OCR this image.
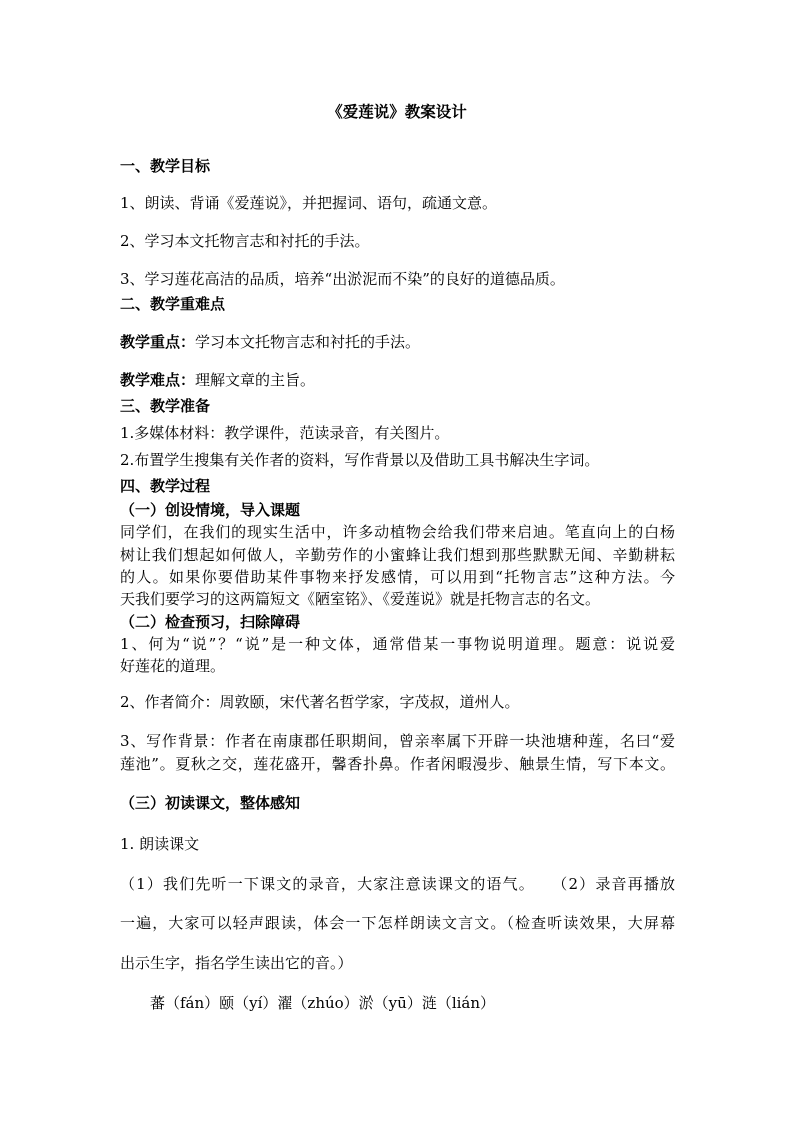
《爱莲说》教案设计
一、教学目标
1、朗读、背诵《爱莲说》，并把握词、语句，疏通文意。
2、学习本文托物言志和衬托的手法。
3、学习莲花高洁的品质，培养“出淤泥而不染”的良好的道德品质。
二、教学重难点
教学重点：学习本文托物言志和衬托的手法。
教学难点：理解文章的主旨。
三、教学准备
1.多媒体材料：教学课件，范读录音，有关图片。
2.布置学生搜集有关作者的资料，写作背景以及借助工具书解决生字词。
四、教学过程
（一）创设情境，导入课题
同学们，在我们的现实生活中，许多动植物会给我们带来启迪。笔直向上的白杨
树让我们想起如何做人，辛勤劳作的小蜜蜂让我们想到那些默默无闻、辛勤耕耘
的人。如果你要借助某件事物来抒发感情，可以用到“托物言志”这种方法。今
天我们要学习的这两篇短文《陋室铭》、《爱莲说》就是托物言志的名文。
（二）检查预习，扫除障碍
1、何为“说”？“说”是一种文体，通常借某一事物说明道理。题意：说说爱
好莲花的道理。
2、作者简介：周敦颐，宋代著名哲学家，字茂叔，道州人。
3、写作背景：作者在南康郡任职期间，曾亲率属下开辟一块池塘种莲，名曰“爱
莲池”。夏秋之交，莲花盛开，馨香扑鼻。作者闲暇漫步、触景生情，写下本文。
（三）初读课文，整体感知
1. 朗读课文
（1）我们先听一下课文的录音，大家注意读课文的语气。　　（2）录音再播放
一遍，大家可以轻声跟读，体会一下怎样朗读文言文。（检查听读效果，大屏幕
出示生字，指名学生读出它的音。）
蕃（fán）颐（yí）濯（zhúo）淤（yū）涟（lián）
